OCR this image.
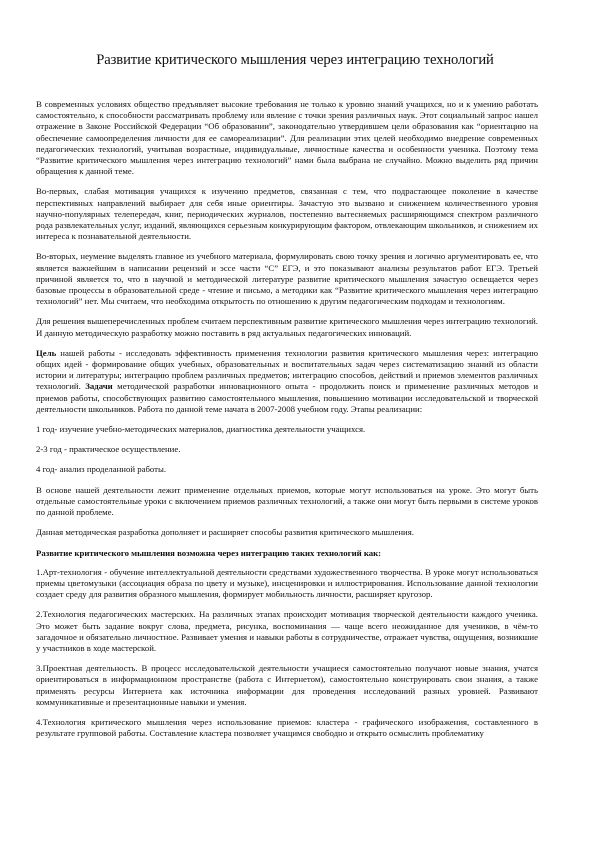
Развитие критического мышления через интеграцию технологий

В современных условиях общество предъявляет высокие требования не только к уровню знаний учащихся, но и к умению работать самостоятельно, к способности рассматривать проблему или явление с точки зрения различных наук. Этот социальный запрос нашел отражение в Законе Российской Федерации “Об образовании”, законодательно утвердившем цели образования как “ориентацию на обеспечение самоопределения личности для ее самореализации”. Для реализации этих целей необходимо внедрение современных педагогических технологий, учитывая возрастные, индивидуальные, личностные качества и особенности ученика. Поэтому тема “Развитие критического мышления через интеграцию технологий” нами была выбрана не случайно. Можно выделить ряд причин обращения к данной теме.

Во-первых, слабая мотивация учащихся к изучению предметов, связанная с тем, что подрастающее поколение в качестве перспективных направлений выбирает для себя иные ориентиры. Зачастую это вызвано и снижением количественного уровня научно-популярных телепередач, книг, периодических журналов, постепенно вытесняемых расширяющимся спектром различного рода развлекательных услуг, изданий, являющихся серьезным конкурирующим фактором, отвлекающим школьников, и снижением их интереса к познавательной деятельности.

Во-вторых, неумение выделять главное из учебного материала, формулировать свою точку зрения и логично аргументировать ее, что является важнейшим в написании рецензий и эссе части “С” ЕГЭ, и это показывают анализы результатов работ ЕГЭ. Третьей причиной является то, что в научной и методической литературе развитие критического мышления зачастую освещается через базовые процессы в образовательной среде - чтение и письмо, а методики как “Развитие критического мышления через интеграцию технологий” нет. Мы считаем, что необходима открытость по отношению к другим педагогическим подходам и технологиям.

Для решения вышеперечисленных проблем считаем перспективным развитие критического мышления через интеграцию технологий. И данную методическую разработку можно поставить в ряд актуальных педагогических инноваций.

Цель нашей работы - исследовать эффективность применения технологии развития критического мышления через: интеграцию общих идей - формирование общих учебных, образовательных и воспитательных задач через систематизацию знаний из области истории и литературы; интеграцию проблем различных предметов; интеграцию способов, действий и приемов элементов различных технологий. Задачи методической разработки инновационного опыта - продолжить поиск и применение различных методов и приемов работы, способствующих развитию самостоятельного мышления, повышению мотивации исследовательской и творческой деятельности школьников. Работа по данной теме начата в 2007-2008 учебном году. Этапы реализации:

1 год- изучение учебно-методических материалов, диагностика деятельности учащихся.

2-3 год - практическое осуществление.

4 год- анализ проделанной работы.

В основе нашей деятельности лежит применение отдельных приемов, которые могут использоваться на уроке. Это могут быть отдельные самостоятельные уроки с включением приемов различных технологий, а также они могут быть первыми в системе уроков по данной проблеме.

Данная методическая разработка дополняет и расширяет способы развития критического мышления.

Развитие критического мышления возможна через интеграцию таких технологий как:

1.Арт-технология - обучение интеллектуальной деятельности средствами художественного творчества. В уроке могут использоваться приемы цветомузыки (ассоциация образа по цвету и музыке), инсценировки и иллюстрирования. Использование данной технологии создает среду для развития образного мышления, формирует мобильность личности, расширяет кругозор.

2.Технология педагогических мастерских. На различных этапах происходит мотивация творческой деятельности каждого ученика. Это может быть задание вокруг слова, предмета, рисунка, воспоминания — чаще всего неожиданное для учеников, в чём-то загадочное и обязательно личностное. Развивает умения и навыки работы в сотрудничестве, отражает чувства, ощущения, возникшие у участников в ходе мастерской.

3.Проектная деятельность. В процесс исследовательской деятельности учащиеся самостоятельно получают новые знания, учатся ориентироваться в информационном пространстве (работа с Интернетом), самостоятельно конструировать свои знания, а также применять ресурсы Интернета как источника информации для проведения исследований разных уровней. Развивают коммуникативные и презентационные навыки и умения.

4.Технология критического мышления через использование приемов: кластера - графического изображения, составленного в результате групповой работы. Составление кластера позволяет учащимся свободно и открыто осмыслить проблематику
